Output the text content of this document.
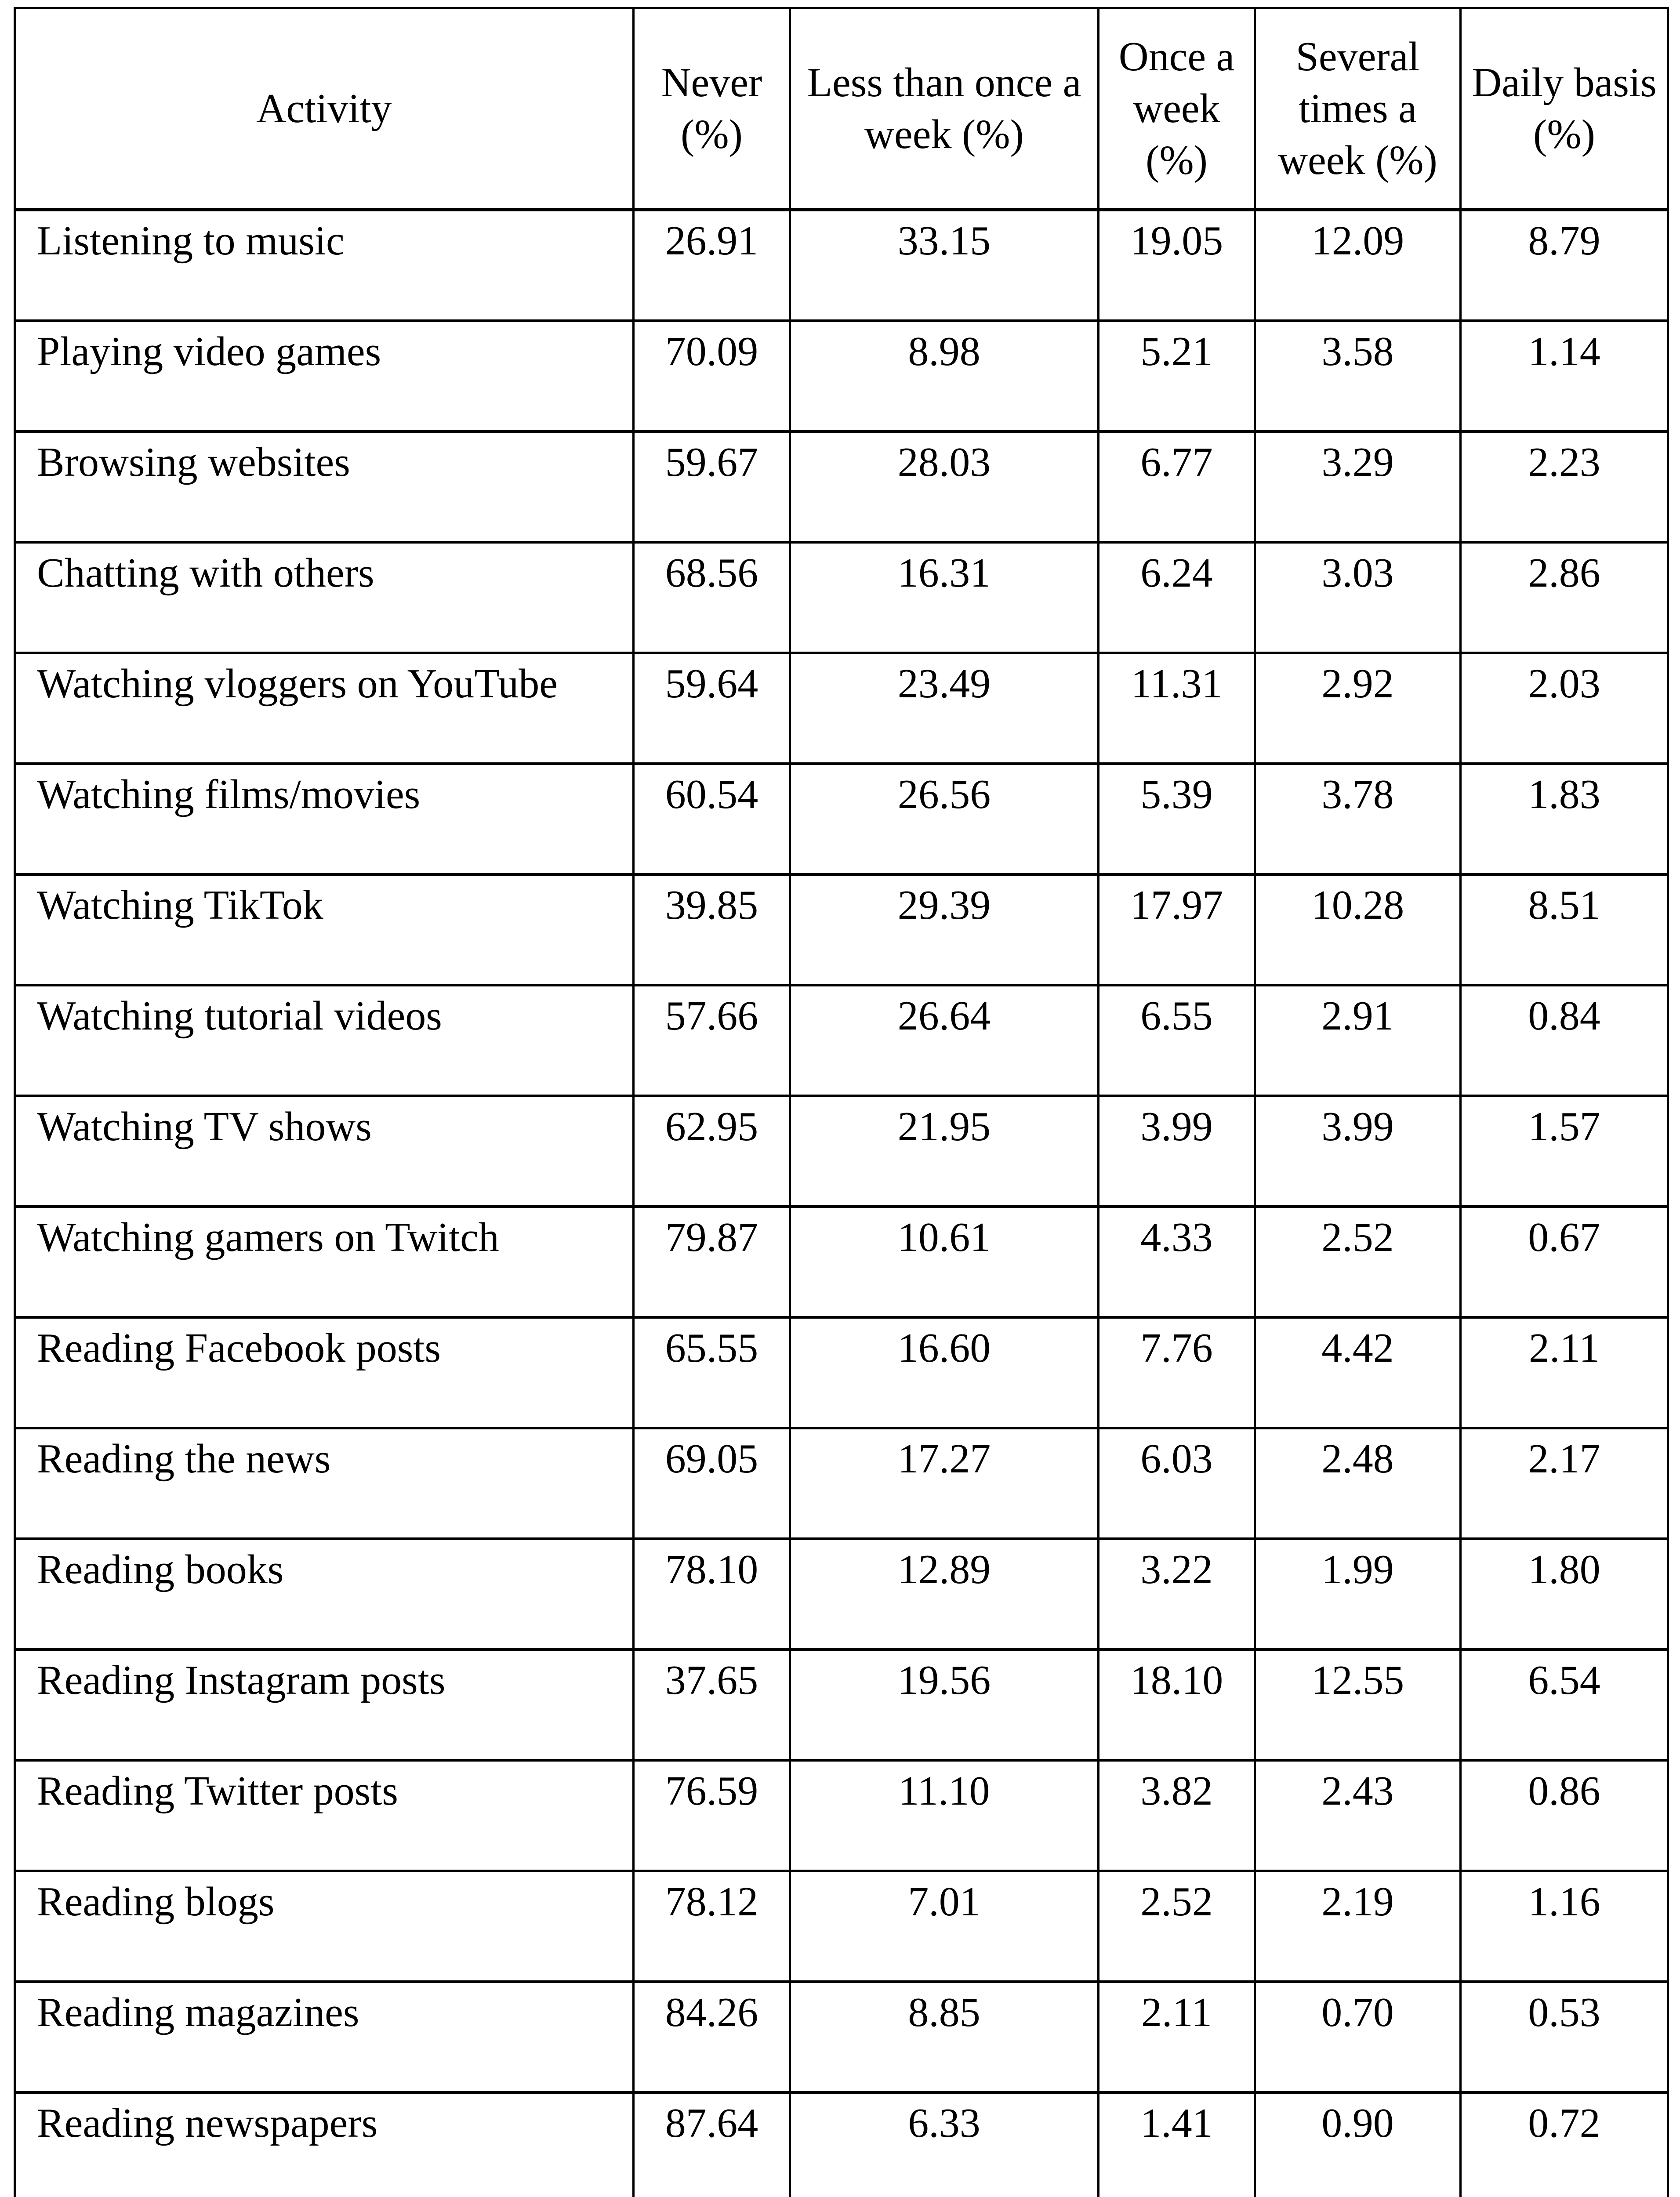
Activity	Never (%)	Less than once a week (%)	Once a week (%)	Several times a week (%)	Daily basis (%)
Listening to music	26.91	33.15	19.05	12.09	8.79
Playing video games	70.09	8.98	5.21	3.58	1.14
Browsing websites	59.67	28.03	6.77	3.29	2.23
Chatting with others	68.56	16.31	6.24	3.03	2.86
Watching vloggers on YouTube	59.64	23.49	11.31	2.92	2.03
Watching films/movies	60.54	26.56	5.39	3.78	1.83
Watching TikTok	39.85	29.39	17.97	10.28	8.51
Watching tutorial videos	57.66	26.64	6.55	2.91	0.84
Watching TV shows	62.95	21.95	3.99	3.99	1.57
Watching gamers on Twitch	79.87	10.61	4.33	2.52	0.67
Reading Facebook posts	65.55	16.60	7.76	4.42	2.11
Reading the news	69.05	17.27	6.03	2.48	2.17
Reading books	78.10	12.89	3.22	1.99	1.80
Reading Instagram posts	37.65	19.56	18.10	12.55	6.54
Reading Twitter posts	76.59	11.10	3.82	2.43	0.86
Reading blogs	78.12	7.01	2.52	2.19	1.16
Reading magazines	84.26	8.85	2.11	0.70	0.53
Reading newspapers	87.64	6.33	1.41	0.90	0.72
